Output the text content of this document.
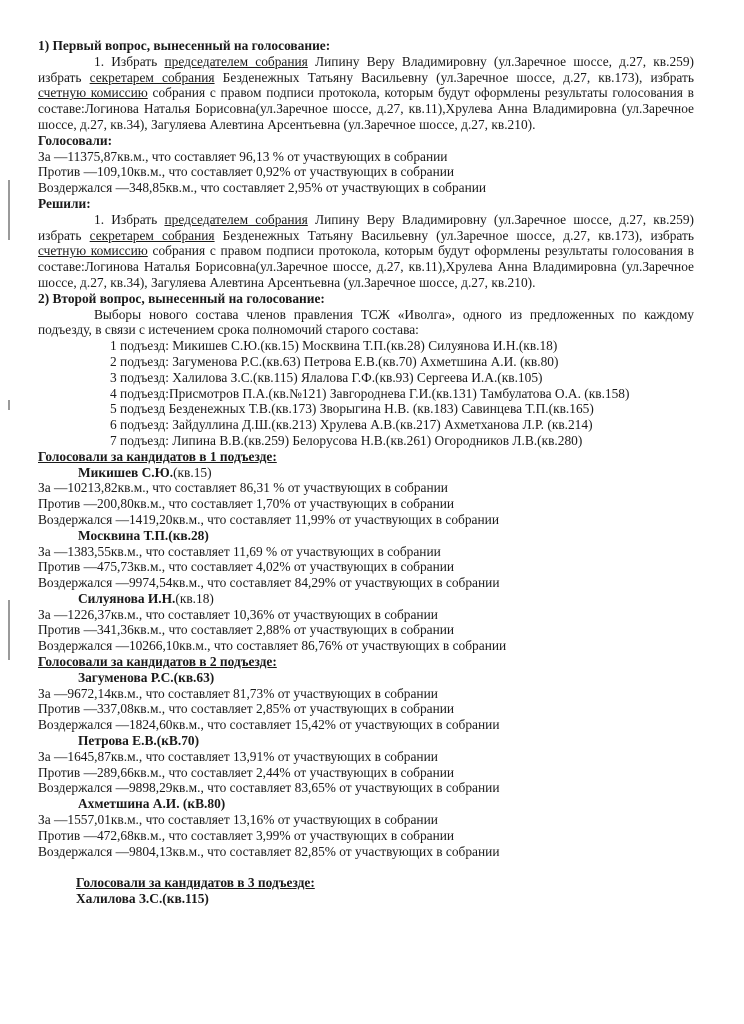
1) Первый вопрос, вынесенный на голосование:
1. Избрать председателем собрания Липину Веру Владимировну (ул.Заречное шоссе, д.27, кв.259) избрать секретарем собрания Безденежных Татьяну Васильевну (ул.Заречное шоссе, д.27, кв.173), избрать счетную комиссию собрания с правом подписи протокола, которым будут оформлены результаты голосования в составе:Логинова Наталья Борисовна(ул.Заречное шоссе, д.27, кв.11),Хрулева Анна Владимировна (ул.Заречное шоссе, д.27, кв.34), Загуляева Алевтина Арсентьевна (ул.Заречное шоссе, д.27, кв.210).
Голосовали:
За —11375,87кв.м., что составляет 96,13 % от участвующих в собрании
Против —109,10кв.м., что составляет 0,92% от участвующих в собрании
Воздержался —348,85кв.м., что составляет 2,95% от участвующих в собрании
Решили:
1. Избрать председателем собрания Липину Веру Владимировну (ул.Заречное шоссе, д.27, кв.259) избрать секретарем собрания Безденежных Татьяну Васильевну (ул.Заречное шоссе, д.27, кв.173), избрать счетную комиссию собрания с правом подписи протокола, которым будут оформлены результаты голосования в составе:Логинова Наталья Борисовна(ул.Заречное шоссе, д.27, кв.11),Хрулева Анна Владимировна (ул.Заречное шоссе, д.27, кв.34), Загуляева Алевтина Арсентьевна (ул.Заречное шоссе, д.27, кв.210).
2) Второй вопрос, вынесенный на голосование:
Выборы нового состава членов правления ТСЖ «Иволга», одного из предложенных по каждому подъезду, в связи с истечением срока полномочий старого состава:
1 подъезд: Микишев С.Ю.(кв.15) Москвина Т.П.(кв.28) Силуянова И.Н.(кв.18)
2 подъезд: Загуменова Р.С.(кв.63) Петрова Е.В.(кв.70) Ахметшина А.И. (кв.80)
3 подъезд: Халилова З.С.(кв.115) Ялалова Г.Ф.(кв.93) Сергеева И.А.(кв.105)
4 подъезд:Присмотров П.А.(кв.№121) Завгороднева Г.И.(кв.131) Тамбулатова О.А. (кв.158)
5 подъезд Безденежных Т.В.(кв.173) Зворыгина Н.В. (кв.183) Савинцева Т.П.(кв.165)
6 подъезд: Зайдуллина Д.Ш.(кв.213) Хрулева А.В.(кв.217) Ахметханова Л.Р. (кв.214)
7 подъезд: Липина В.В.(кв.259) Белорусова Н.В.(кв.261) Огородников Л.В.(кв.280)
Голосовали за кандидатов в 1 подъезде:
Микишев С.Ю.(кв.15)
За —10213,82кв.м., что составляет 86,31 % от участвующих в собрании
Против —200,80кв.м., что составляет 1,70% от участвующих в собрании
Воздержался —1419,20кв.м., что составляет 11,99% от участвующих в собрании
Москвина Т.П.(кв.28)
За —1383,55кв.м., что составляет 11,69 % от участвующих в собрании
Против —475,73кв.м., что составляет 4,02% от участвующих в собрании
Воздержался —9974,54кв.м., что составляет 84,29% от участвующих в собрании
Силуянова И.Н.(кв.18)
За —1226,37кв.м., что составляет 10,36% от участвующих в собрании
Против —341,36кв.м., что составляет 2,88% от участвующих в собрании
Воздержался —10266,10кв.м., что составляет 86,76% от участвующих в собрании
Голосовали за кандидатов в 2 подъезде:
Загуменова Р.С.(кв.63)
За —9672,14кв.м., что составляет 81,73% от участвующих в собрании
Против —337,08кв.м., что составляет 2,85% от участвующих в собрании
Воздержался —1824,60кв.м., что составляет 15,42% от участвующих в собрании
Петрова Е.В.(кВ.70)
За —1645,87кв.м., что составляет 13,91% от участвующих в собрании
Против —289,66кв.м., что составляет 2,44% от участвующих в собрании
Воздержался —9898,29кв.м., что составляет 83,65% от участвующих в собрании
Ахметшина А.И. (кВ.80)
За —1557,01кв.м., что составляет 13,16% от участвующих в собрании
Против —472,68кв.м., что составляет 3,99% от участвующих в собрании
Воздержался —9804,13кв.м., что составляет 82,85% от участвующих в собрании
Голосовали за кандидатов в 3 подъезде:
Халилова З.С.(кв.115)
